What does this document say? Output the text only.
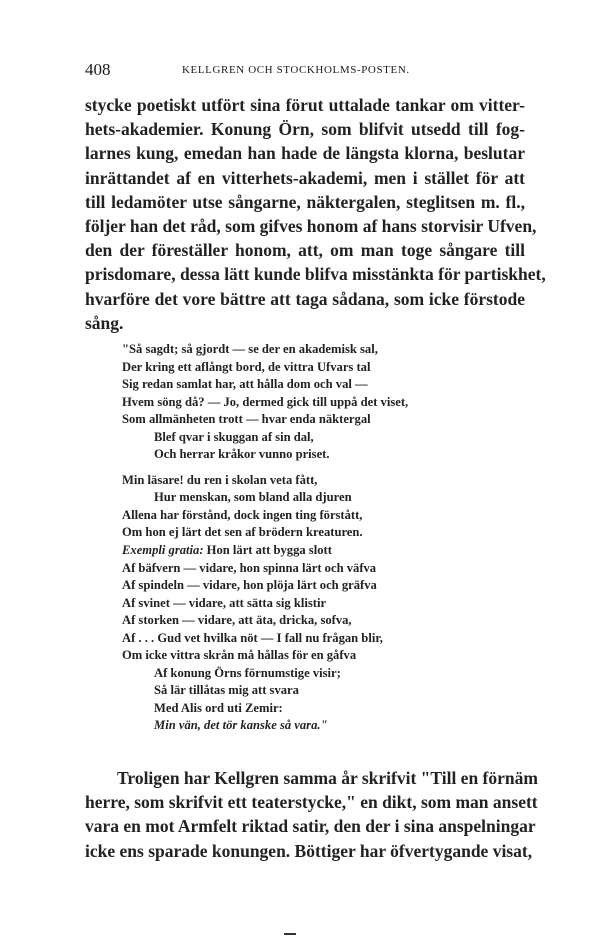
408	KELLGREN OCH STOCKHOLMS-POSTEN.
stycke poetiskt utfört sina förut uttalade tankar om vitter-
hets-akademier. Konung Örn, som blifvit utsedd till fog-
larnes kung, emedan han hade de längsta klorna, beslutar
inrättandet af en vitterhets-akademi, men i stället för att
till ledamöter utse sångarne, näktergalen, steglitsen m. fl.,
följer han det råd, som gifves honom af hans storvisir Ufven,
den der föreställer honom, att, om man toge sångare till
prisdomare, dessa lätt kunde blifva misstänkta för partiskhet,
hvarföre det vore bättre att taga sådana, som icke förstode
sång.
"Så sagdt; så gjordt — se der en akademisk sal,
Der kring ett aflångt bord, de vittra Ufvars tal
Sig redan samlat har, att hålla dom och val —
Hvem söng då? — Jo, dermed gick till uppå det viset,
Som allmänheten trott — hvar enda näktergal
Blef qvar i skuggan af sin dal,
Och herrar kråkor vunno priset.
Min läsare! du ren i skolan veta fått,
Hur menskan, som bland alla djuren
Allena har förstånd, dock ingen ting förstått,
Om hon ej lärt det sen af brödern kreaturen.
Exempli gratia: Hon lärt att bygga slott
Af bäfvern — vidare, hon spinna lärt och väfva
Af spindeln — vidare, hon plöja lärt och gräfva
Af svinet — vidare, att sätta sig klistir
Af storken — vidare, att äta, dricka, sofva,
Af . . . Gud vet hvilka nöt — I fall nu frågan blir,
Om icke vittra skrån må hållas för en gåfva
Af konung Örns förnumstige visir;
Så lär tillåtas mig att svara
Med Alis ord uti Zemir:
Min vän, det tör kanske så vara."
Troligen har Kellgren samma år skrifvit "Till en förnäm
herre, som skrifvit ett teaterstycke," en dikt, som man ansett
vara en mot Armfelt riktad satir, den der i sina anspelningar
icke ens sparade konungen. Böttiger har öfvertygande visat,
